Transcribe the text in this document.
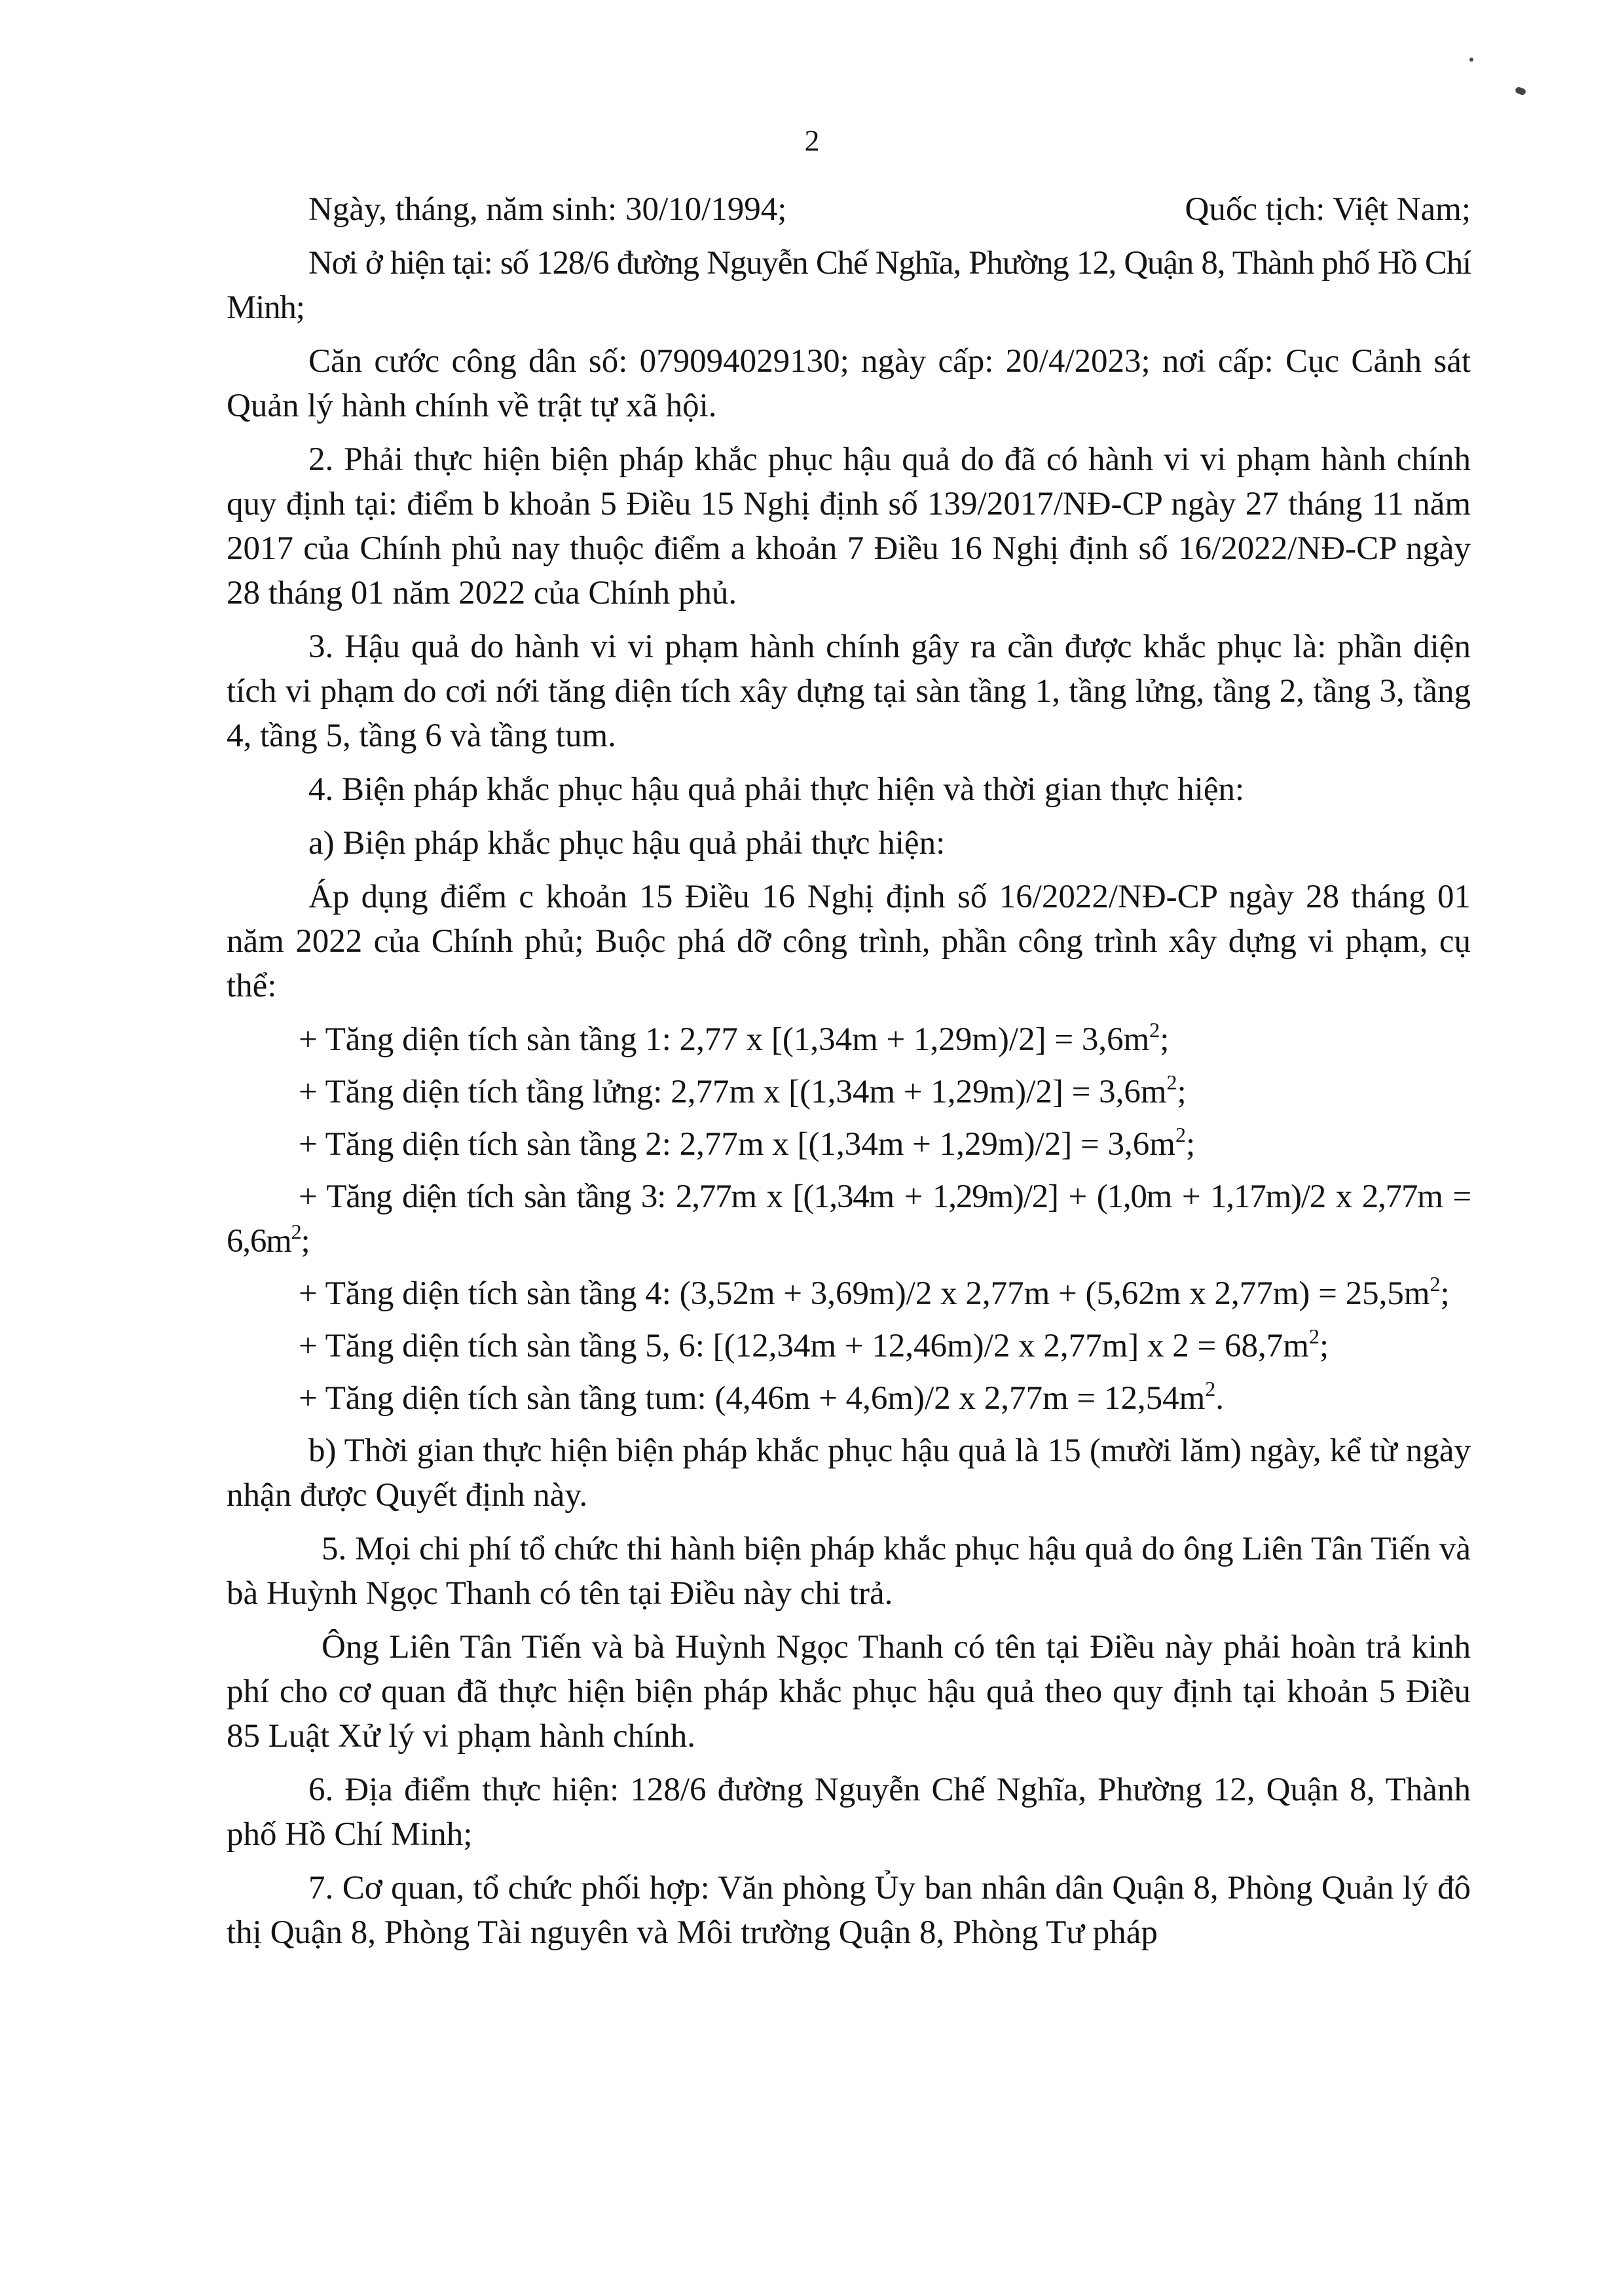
2

Ngày, tháng, năm sinh: 30/10/1994;	Quốc tịch: Việt Nam;

Nơi ở hiện tại: số 128/6 đường Nguyễn Chế Nghĩa, Phường 12, Quận 8, Thành phố Hồ Chí Minh;

Căn cước công dân số: 079094029130; ngày cấp: 20/4/2023; nơi cấp: Cục Cảnh sát Quản lý hành chính về trật tự xã hội.

2. Phải thực hiện biện pháp khắc phục hậu quả do đã có hành vi vi phạm hành chính quy định tại: điểm b khoản 5 Điều 15 Nghị định số 139/2017/NĐ-CP ngày 27 tháng 11 năm 2017 của Chính phủ nay thuộc điểm a khoản 7 Điều 16 Nghị định số 16/2022/NĐ-CP ngày 28 tháng 01 năm 2022 của Chính phủ.

3. Hậu quả do hành vi vi phạm hành chính gây ra cần được khắc phục là: phần diện tích vi phạm do cơi nới tăng diện tích xây dựng tại sàn tầng 1, tầng lửng, tầng 2, tầng 3, tầng 4, tầng 5, tầng 6 và tầng tum.

4. Biện pháp khắc phục hậu quả phải thực hiện và thời gian thực hiện:

a) Biện pháp khắc phục hậu quả phải thực hiện:

Áp dụng điểm c khoản 15 Điều 16 Nghị định số 16/2022/NĐ-CP ngày 28 tháng 01 năm 2022 của Chính phủ; Buộc phá dỡ công trình, phần công trình xây dựng vi phạm, cụ thể:

+ Tăng diện tích sàn tầng 1: 2,77 x $[(1,34m + 1,29m)/2] = 3,6m^2$;

+ Tăng diện tích tầng lửng: 2,77m x $[(1,34m + 1,29m)/2] = 3,6m^2$;

+ Tăng diện tích sàn tầng 2: 2,77m x $[(1,34m + 1,29m)/2] = 3,6m^2$;

+ Tăng diện tích sàn tầng 3: 2,77m x [(1,34m + 1,29m)/2] + (1,0m + 1,17m)/2 x $2,77m = 6,6m^2$;

+ Tăng diện tích sàn tầng 4: (3,52m + 3,69m)/2 x 2,77m + (5,62m x $2,77m) = 25,5m^2$;

+ Tăng diện tích sàn tầng 5, 6: [(12,34m + 12,46m)/2 x 2,77m] x $2 = 68,7m^2$;

+ Tăng diện tích sàn tầng tum: (4,46m + 4,6m)/2 x $2,77m = 12,54m^2$.

b) Thời gian thực hiện biện pháp khắc phục hậu quả là 15 (mười lăm) ngày, kể từ ngày nhận được Quyết định này.

5. Mọi chi phí tổ chức thi hành biện pháp khắc phục hậu quả do ông Liên Tân Tiến và bà Huỳnh Ngọc Thanh có tên tại Điều này chi trả.

Ông Liên Tân Tiến và bà Huỳnh Ngọc Thanh có tên tại Điều này phải hoàn trả kinh phí cho cơ quan đã thực hiện biện pháp khắc phục hậu quả theo quy định tại khoản 5 Điều 85 Luật Xử lý vi phạm hành chính.

6. Địa điểm thực hiện: 128/6 đường Nguyễn Chế Nghĩa, Phường 12, Quận 8, Thành phố Hồ Chí Minh;

7. Cơ quan, tổ chức phối hợp: Văn phòng Ủy ban nhân dân Quận 8, Phòng Quản lý đô thị Quận 8, Phòng Tài nguyên và Môi trường Quận 8, Phòng Tư pháp
